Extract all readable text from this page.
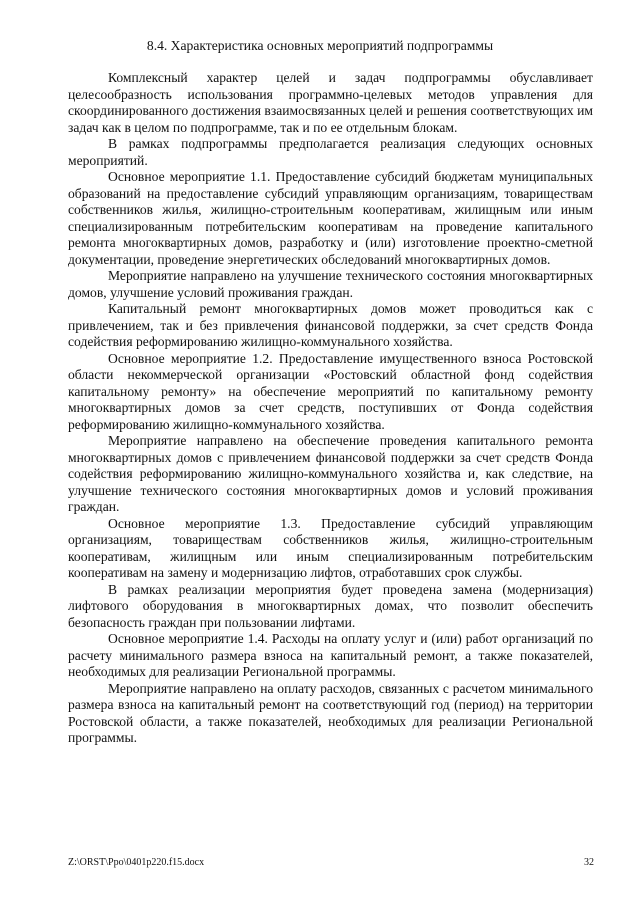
8.4. Характеристика основных мероприятий подпрограммы

Комплексный характер целей и задач подпрограммы обуславливает целесообразность использования программно-целевых методов управления для скоординированного достижения взаимосвязанных целей и решения соответствующих им задач как в целом по подпрограмме, так и по ее отдельным блокам.

В рамках подпрограммы предполагается реализация следующих основных мероприятий.

Основное мероприятие 1.1. Предоставление субсидий бюджетам муниципальных образований на предоставление субсидий управляющим организациям, товариществам собственников жилья, жилищно-строительным кооперативам, жилищным или иным специализированным потребительским кооперативам на проведение капитального ремонта многоквартирных домов, разработку и (или) изготовление проектно-сметной документации, проведение энергетических обследований многоквартирных домов.

Мероприятие направлено на улучшение технического состояния многоквартирных домов, улучшение условий проживания граждан.

Капитальный ремонт многоквартирных домов может проводиться как с привлечением, так и без привлечения финансовой поддержки, за счет средств Фонда содействия реформированию жилищно-коммунального хозяйства.

Основное мероприятие 1.2. Предоставление имущественного взноса Ростовской области некоммерческой организации «Ростовский областной фонд содействия капитальному ремонту» на обеспечение мероприятий по капитальному ремонту многоквартирных домов за счет средств, поступивших от Фонда содействия реформированию жилищно-коммунального хозяйства.

Мероприятие направлено на обеспечение проведения капитального ремонта многоквартирных домов с привлечением финансовой поддержки за счет средств Фонда содействия реформированию жилищно-коммунального хозяйства и, как следствие, на улучшение технического состояния многоквартирных домов и условий проживания граждан.

Основное мероприятие 1.3. Предоставление субсидий управляющим организациям, товариществам собственников жилья, жилищно-строительным кооперативам, жилищным или иным специализированным потребительским кооперативам на замену и модернизацию лифтов, отработавших срок службы.

В рамках реализации мероприятия будет проведена замена (модернизация) лифтового оборудования в многоквартирных домах, что позволит обеспечить безопасность граждан при пользовании лифтами.

Основное мероприятие 1.4. Расходы на оплату услуг и (или) работ организаций по расчету минимального размера взноса на капитальный ремонт, а также показателей, необходимых для реализации Региональной программы.

Мероприятие направлено на оплату расходов, связанных с расчетом минимального размера взноса на капитальный ремонт на соответствующий год (период) на территории Ростовской области, а также показателей, необходимых для реализации Региональной программы.

Z:\ORST\Ppo\0401p220.f15.docx	32
